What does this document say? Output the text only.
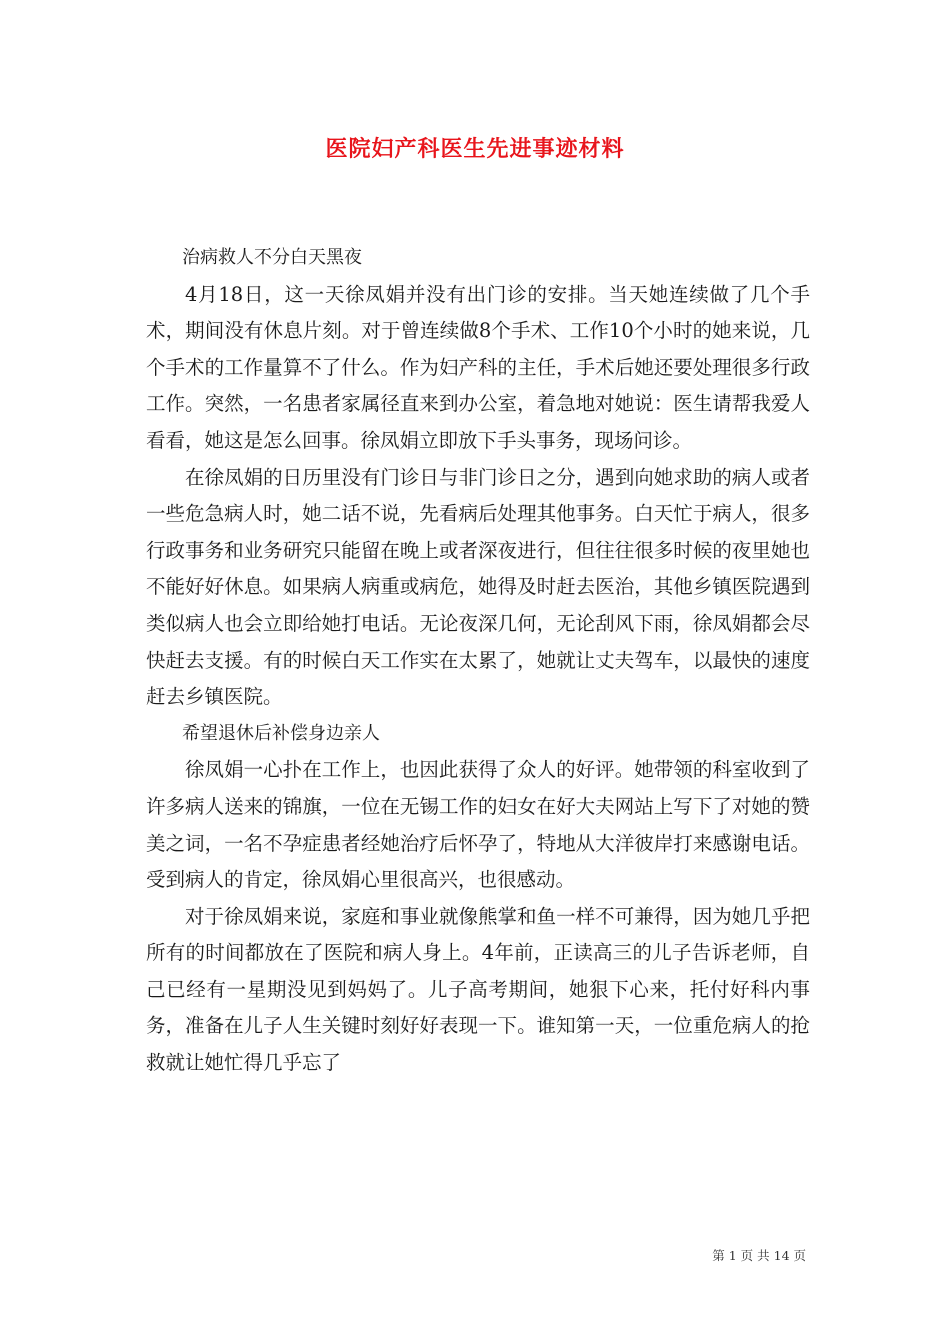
医院妇产科医生先进事迹材料

治病救人不分白天黑夜

4月18日，这一天徐凤娟并没有出门诊的安排。当天她连续做了几个手术，期间没有休息片刻。对于曾连续做8个手术、工作10个小时的她来说，几个手术的工作量算不了什么。作为妇产科的主任，手术后她还要处理很多行政工作。突然，一名患者家属径直来到办公室，着急地对她说：医生请帮我爱人看看，她这是怎么回事。徐凤娟立即放下手头事务，现场问诊。

在徐凤娟的日历里没有门诊日与非门诊日之分，遇到向她求助的病人或者一些危急病人时，她二话不说，先看病后处理其他事务。白天忙于病人，很多行政事务和业务研究只能留在晚上或者深夜进行，但往往很多时候的夜里她也不能好好休息。如果病人病重或病危，她得及时赶去医治，其他乡镇医院遇到类似病人也会立即给她打电话。无论夜深几何，无论刮风下雨，徐凤娟都会尽快赶去支援。有的时候白天工作实在太累了，她就让丈夫驾车，以最快的速度赶去乡镇医院。

希望退休后补偿身边亲人

徐凤娟一心扑在工作上，也因此获得了众人的好评。她带领的科室收到了许多病人送来的锦旗，一位在无锡工作的妇女在好大夫网站上写下了对她的赞美之词，一名不孕症患者经她治疗后怀孕了，特地从大洋彼岸打来感谢电话。受到病人的肯定，徐凤娟心里很高兴，也很感动。

对于徐凤娟来说，家庭和事业就像熊掌和鱼一样不可兼得，因为她几乎把所有的时间都放在了医院和病人身上。4年前，正读高三的儿子告诉老师，自己已经有一星期没见到妈妈了。儿子高考期间，她狠下心来，托付好科内事务，准备在儿子人生关键时刻好好表现一下。谁知第一天，一位重危病人的抢救就让她忙得几乎忘了

第 1 页 共 14 页
